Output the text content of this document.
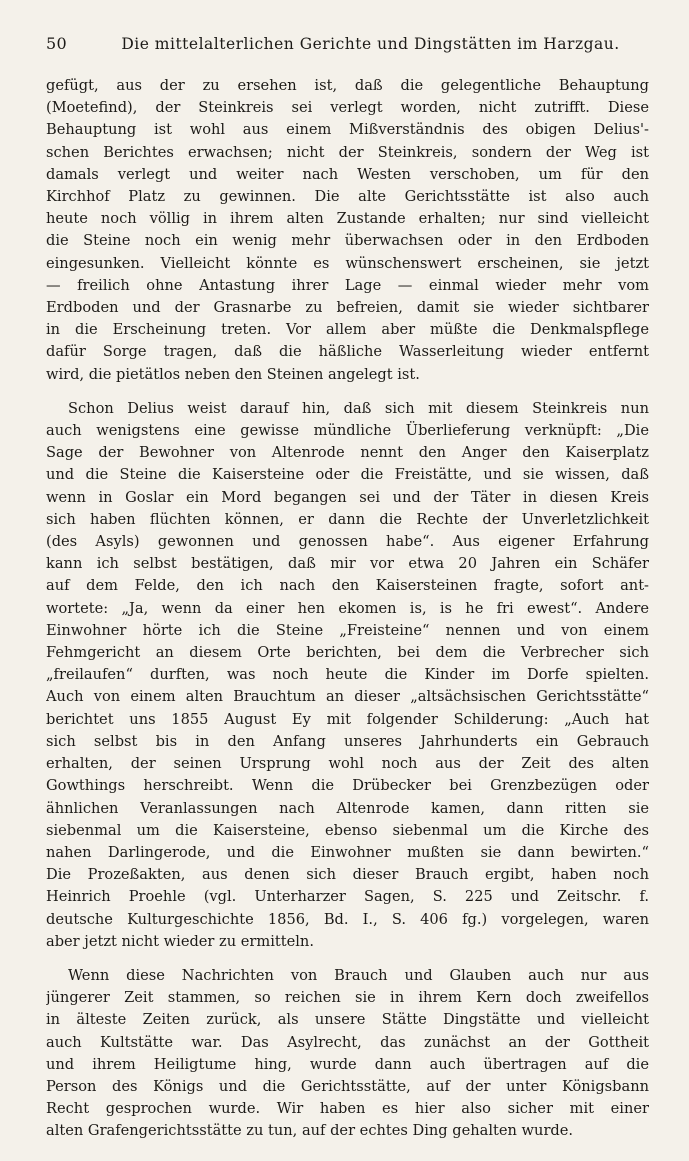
50	Die mittelalterlichen Gerichte und Dingstätten im Harzgau.
gefügt, aus der zu ersehen ist, daß die gelegentliche Behauptung
(Moetefind), der Steinkreis sei verlegt worden, nicht zutrifft. Diese
Behauptung ist wohl aus einem Mißverständnis des obigen Delius'-
schen Berichtes erwachsen; nicht der Steinkreis, sondern der Weg ist
damals verlegt und weiter nach Westen verschoben, um für den
Kirchhof Platz zu gewinnen. Die alte Gerichtsstätte ist also auch
heute noch völlig in ihrem alten Zustande erhalten; nur sind vielleicht
die Steine noch ein wenig mehr überwachsen oder in den Erdboden
eingesunken. Vielleicht könnte es wünschenswert erscheinen, sie jetzt
— freilich ohne Antastung ihrer Lage — einmal wieder mehr vom
Erdboden und der Grasnarbe zu befreien, damit sie wieder sichtbarer
in die Erscheinung treten. Vor allem aber müßte die Denkmalspflege
dafür Sorge tragen, daß die häßliche Wasserleitung wieder entfernt
wird, die pietätlos neben den Steinen angelegt ist.
Schon Delius weist darauf hin, daß sich mit diesem Steinkreis nun
auch wenigstens eine gewisse mündliche Überlieferung verknüpft: „Die
Sage der Bewohner von Altenrode nennt den Anger den Kaiserplatz
und die Steine die Kaisersteine oder die Freistätte, und sie wissen, daß
wenn in Goslar ein Mord begangen sei und der Täter in diesen Kreis
sich haben flüchten können, er dann die Rechte der Unverletzlichkeit
(des Asyls) gewonnen und genossen habe“. Aus eigener Erfahrung
kann ich selbst bestätigen, daß mir vor etwa 20 Jahren ein Schäfer
auf dem Felde, den ich nach den Kaisersteinen fragte, sofort ant-
wortete: „Ja, wenn da einer hen ekomen is, is he fri ewest“. Andere
Einwohner hörte ich die Steine „Freisteine“ nennen und von einem
Fehmgericht an diesem Orte berichten, bei dem die Verbrecher sich
„freilaufen“ durften, was noch heute die Kinder im Dorfe spielten.
Auch von einem alten Brauchtum an dieser „altsächsischen Gerichtsstätte“
berichtet uns 1855 August Ey mit folgender Schilderung: „Auch hat
sich selbst bis in den Anfang unseres Jahrhunderts ein Gebrauch
erhalten, der seinen Ursprung wohl noch aus der Zeit des alten
Gowthings herschreibt. Wenn die Drübecker bei Grenzbezügen oder
ähnlichen Veranlassungen nach Altenrode kamen, dann ritten sie
siebenmal um die Kaisersteine, ebenso siebenmal um die Kirche des
nahen Darlingerode, und die Einwohner mußten sie dann bewirten.“
Die Prozeßakten, aus denen sich dieser Brauch ergibt, haben noch
Heinrich Proehle (vgl. Unterharzer Sagen, S. 225 und Zeitschr. f.
deutsche Kulturgeschichte 1856, Bd. I., S. 406 fg.) vorgelegen, waren
aber jetzt nicht wieder zu ermitteln.
Wenn diese Nachrichten von Brauch und Glauben auch nur aus
jüngerer Zeit stammen, so reichen sie in ihrem Kern doch zweifellos
in älteste Zeiten zurück, als unsere Stätte Dingstätte und vielleicht
auch Kultstätte war. Das Asylrecht, das zunächst an der Gottheit
und ihrem Heiligtume hing, wurde dann auch übertragen auf die
Person des Königs und die Gerichtsstätte, auf der unter Königsbann
Recht gesprochen wurde. Wir haben es hier also sicher mit einer
alten Grafengerichtsstätte zu tun, auf der echtes Ding gehalten wurde.
